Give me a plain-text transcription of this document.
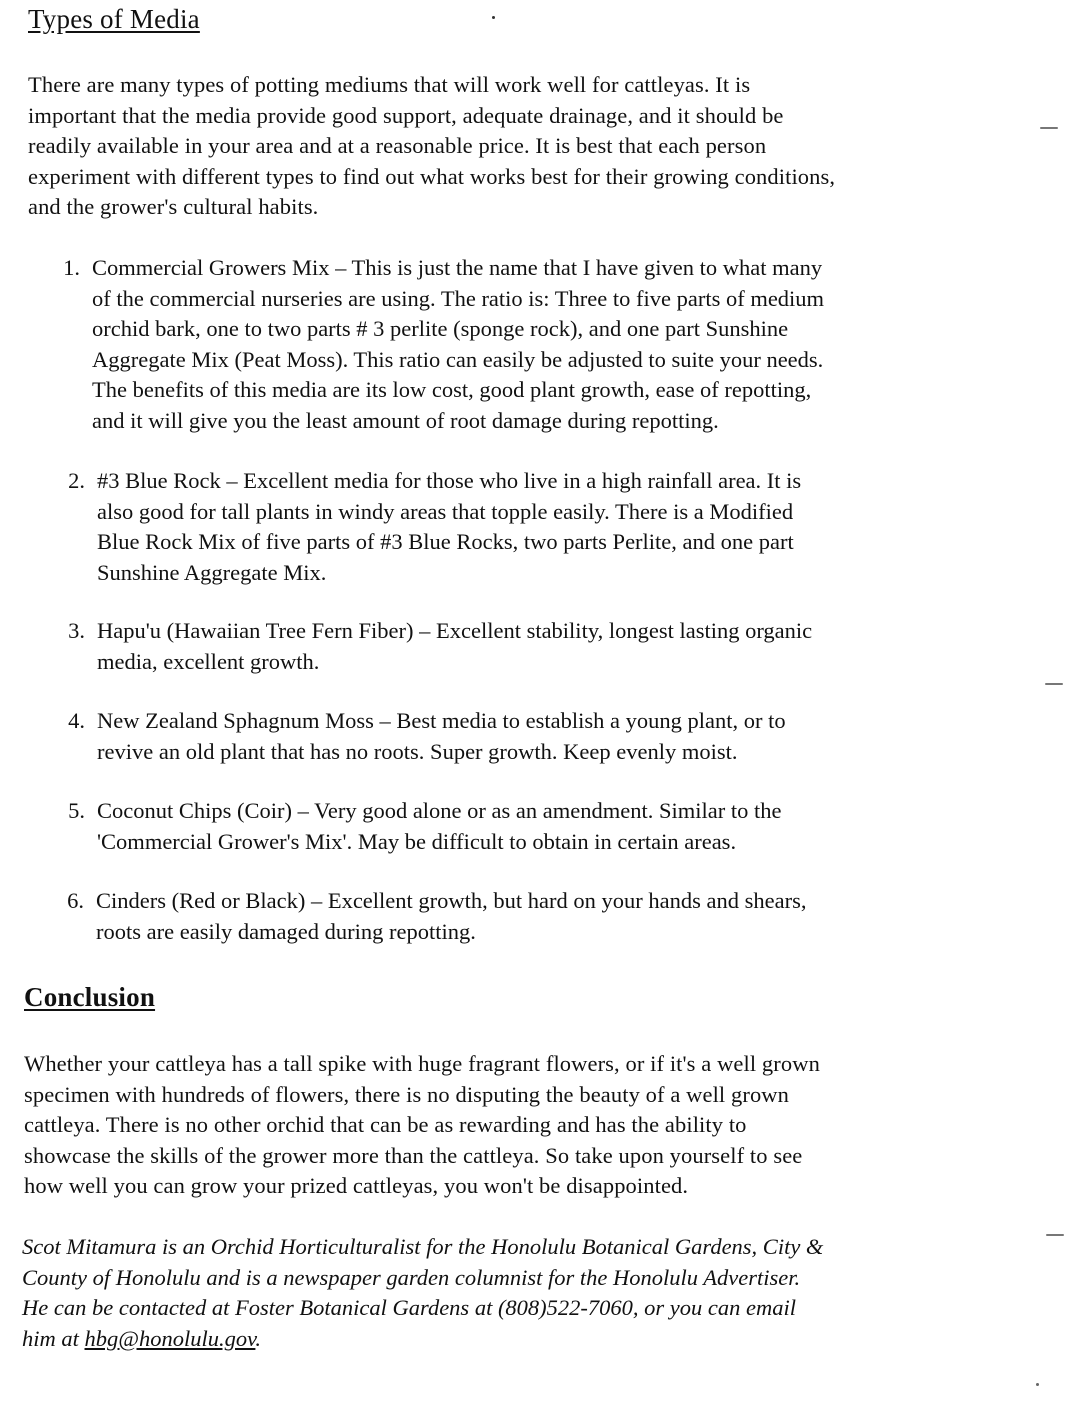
Types of Media

There are many types of potting mediums that will work well for cattleyas. It is
important that the media provide good support, adequate drainage, and it should be
readily available in your area and at a reasonable price. It is best that each person
experiment with different types to find out what works best for their growing conditions,
and the grower's cultural habits.

1. Commercial Growers Mix – This is just the name that I have given to what many
of the commercial nurseries are using. The ratio is: Three to five parts of medium
orchid bark, one to two parts # 3 perlite (sponge rock), and one part Sunshine
Aggregate Mix (Peat Moss). This ratio can easily be adjusted to suite your needs.
The benefits of this media are its low cost, good plant growth, ease of repotting,
and it will give you the least amount of root damage during repotting.
2. #3 Blue Rock – Excellent media for those who live in a high rainfall area. It is
also good for tall plants in windy areas that topple easily. There is a Modified
Blue Rock Mix of five parts of #3 Blue Rocks, two parts Perlite, and one part
Sunshine Aggregate Mix.
3. Hapu'u (Hawaiian Tree Fern Fiber) – Excellent stability, longest lasting organic
media, excellent growth.
4. New Zealand Sphagnum Moss – Best media to establish a young plant, or to
revive an old plant that has no roots. Super growth. Keep evenly moist.
5. Coconut Chips (Coir) – Very good alone or as an amendment. Similar to the
'Commercial Grower's Mix'. May be difficult to obtain in certain areas.
6. Cinders (Red or Black) – Excellent growth, but hard on your hands and shears,
roots are easily damaged during repotting.
Conclusion

Whether your cattleya has a tall spike with huge fragrant flowers, or if it's a well grown
specimen with hundreds of flowers, there is no disputing the beauty of a well grown
cattleya. There is no other orchid that can be as rewarding and has the ability to
showcase the skills of the grower more than the cattleya. So take upon yourself to see
how well you can grow your prized cattleyas, you won't be disappointed.

Scot Mitamura is an Orchid Horticulturalist for the Honolulu Botanical Gardens, City &
County of Honolulu and is a newspaper garden columnist for the Honolulu Advertiser.
He can be contacted at Foster Botanical Gardens at (808)522-7060, or you can email
him at hbg@honolulu.gov.
